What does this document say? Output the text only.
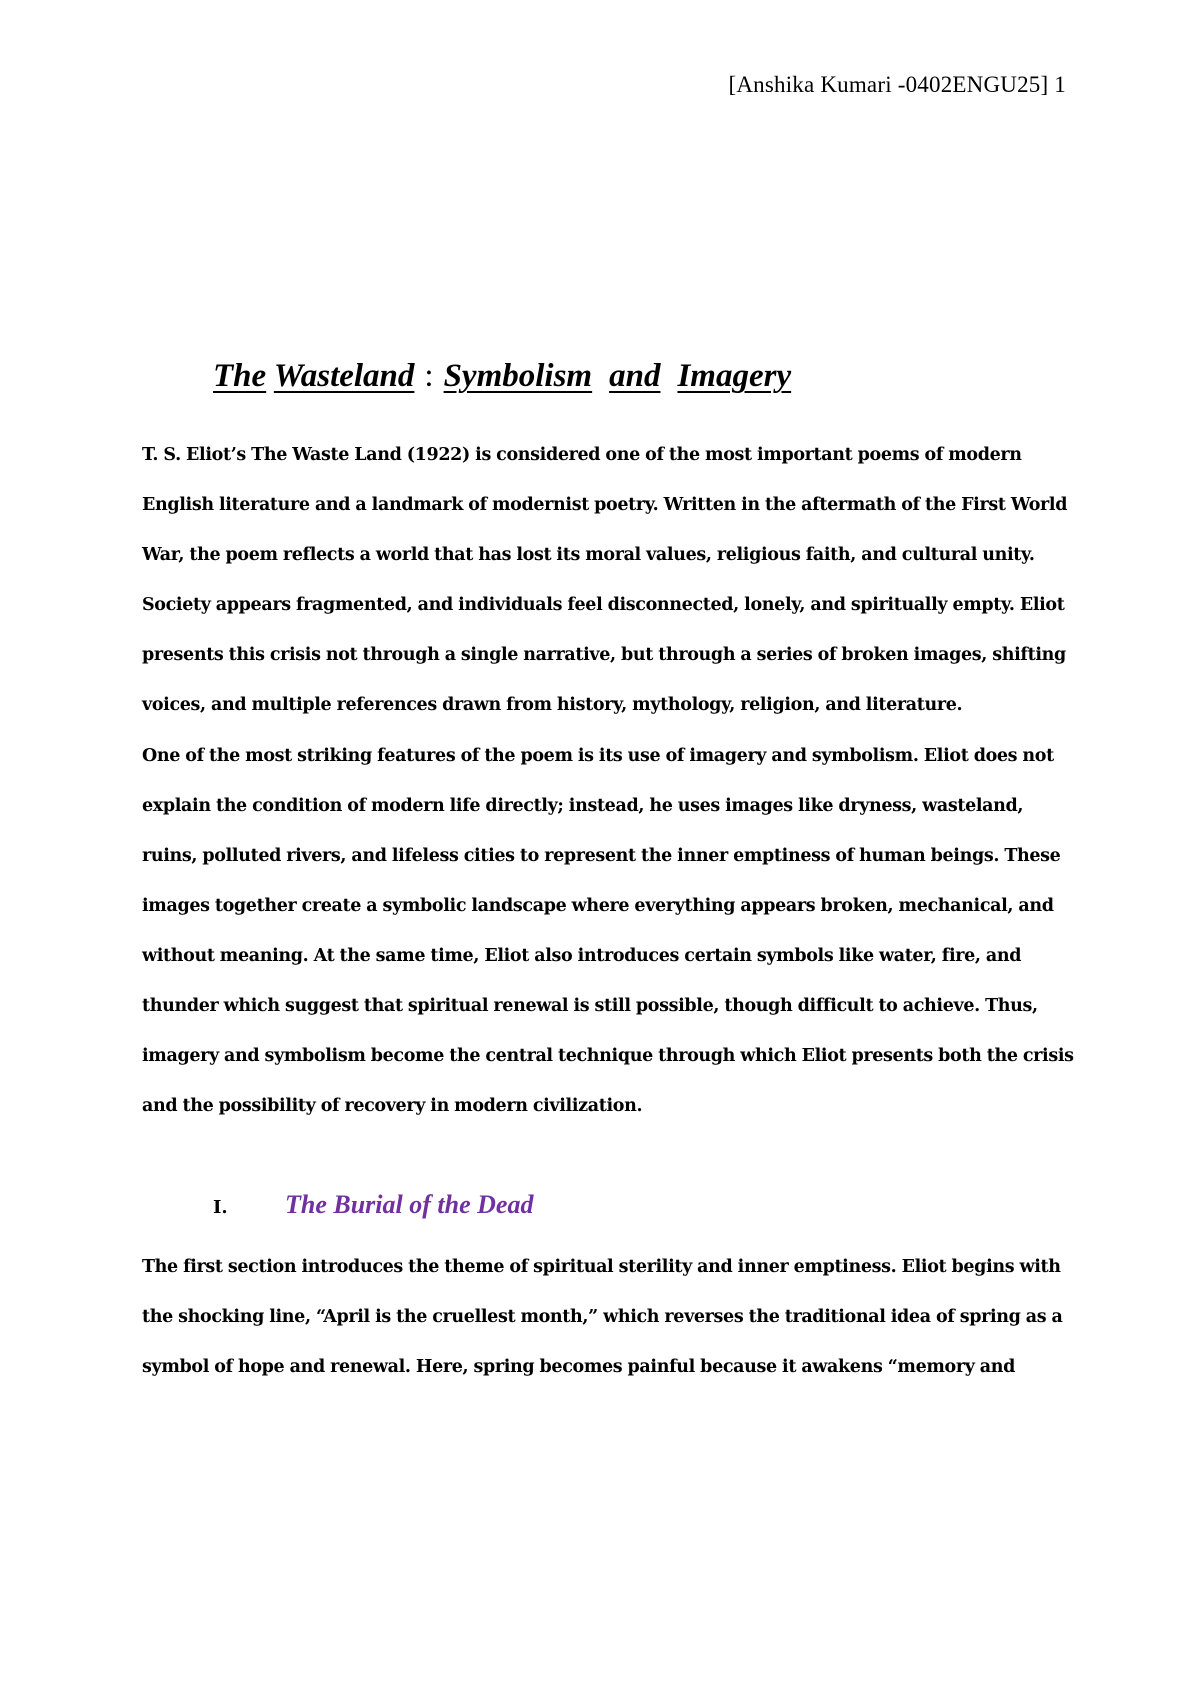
[Anshika Kumari -0402ENGU25] 1
The Wasteland : Symbolism and Imagery

T. S. Eliot’s The Waste Land (1922) is considered one of the most important poems of modern English literature and a landmark of modernist poetry. Written in the aftermath of the First World War, the poem reflects a world that has lost its moral values, religious faith, and cultural unity. Society appears fragmented, and individuals feel disconnected, lonely, and spiritually empty. Eliot presents this crisis not through a single narrative, but through a series of broken images, shifting voices, and multiple references drawn from history, mythology, religion, and literature.

One of the most striking features of the poem is its use of imagery and symbolism. Eliot does not explain the condition of modern life directly; instead, he uses images like dryness, wasteland, ruins, polluted rivers, and lifeless cities to represent the inner emptiness of human beings. These images together create a symbolic landscape where everything appears broken, mechanical, and without meaning. At the same time, Eliot also introduces certain symbols like water, fire, and thunder which suggest that spiritual renewal is still possible, though difficult to achieve. Thus, imagery and symbolism become the central technique through which Eliot presents both the crisis and the possibility of recovery in modern civilization.

I.	The Burial of the Dead

The first section introduces the theme of spiritual sterility and inner emptiness. Eliot begins with the shocking line, “April is the cruellest month,” which reverses the traditional idea of spring as a symbol of hope and renewal. Here, spring becomes painful because it awakens “memory and
